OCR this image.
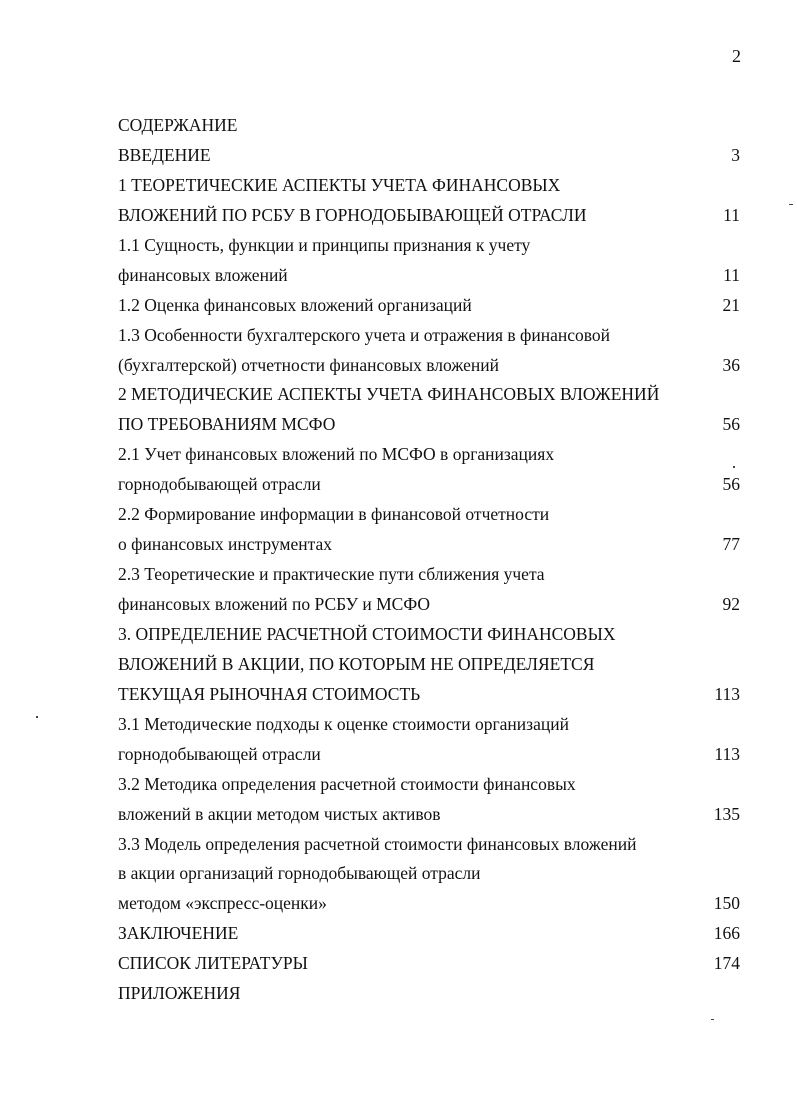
2
СОДЕРЖАНИЕ
ВВЕДЕНИЕ	3
1 ТЕОРЕТИЧЕСКИЕ АСПЕКТЫ УЧЕТА ФИНАНСОВЫХ
ВЛОЖЕНИЙ ПО РСБУ В ГОРНОДОБЫВАЮЩЕЙ ОТРАСЛИ	11
1.1 Сущность, функции и принципы признания к учету
финансовых вложений	11
1.2 Оценка финансовых вложений организаций	21
1.3 Особенности бухгалтерского учета и отражения в финансовой
(бухгалтерской) отчетности финансовых вложений	36
2 МЕТОДИЧЕСКИЕ АСПЕКТЫ УЧЕТА ФИНАНСОВЫХ ВЛОЖЕНИЙ
ПО ТРЕБОВАНИЯМ МСФО	56
2.1 Учет финансовых вложений по МСФО в организациях
горнодобывающей отрасли	56
2.2 Формирование информации в финансовой отчетности
о финансовых инструментах	77
2.3 Теоретические и практические пути сближения учета
финансовых вложений по РСБУ и МСФО	92
3. ОПРЕДЕЛЕНИЕ РАСЧЕТНОЙ СТОИМОСТИ ФИНАНСОВЫХ
ВЛОЖЕНИЙ В АКЦИИ, ПО КОТОРЫМ НЕ ОПРЕДЕЛЯЕТСЯ
ТЕКУЩАЯ РЫНОЧНАЯ СТОИМОСТЬ	113
3.1 Методические подходы к оценке стоимости организаций
горнодобывающей отрасли	113
3.2 Методика определения расчетной стоимости финансовых
вложений в акции методом чистых активов	135
3.3 Модель определения расчетной стоимости финансовых вложений
в акции организаций горнодобывающей отрасли
методом «экспресс-оценки»	150
ЗАКЛЮЧЕНИЕ	166
СПИСОК ЛИТЕРАТУРЫ	174
ПРИЛОЖЕНИЯ
